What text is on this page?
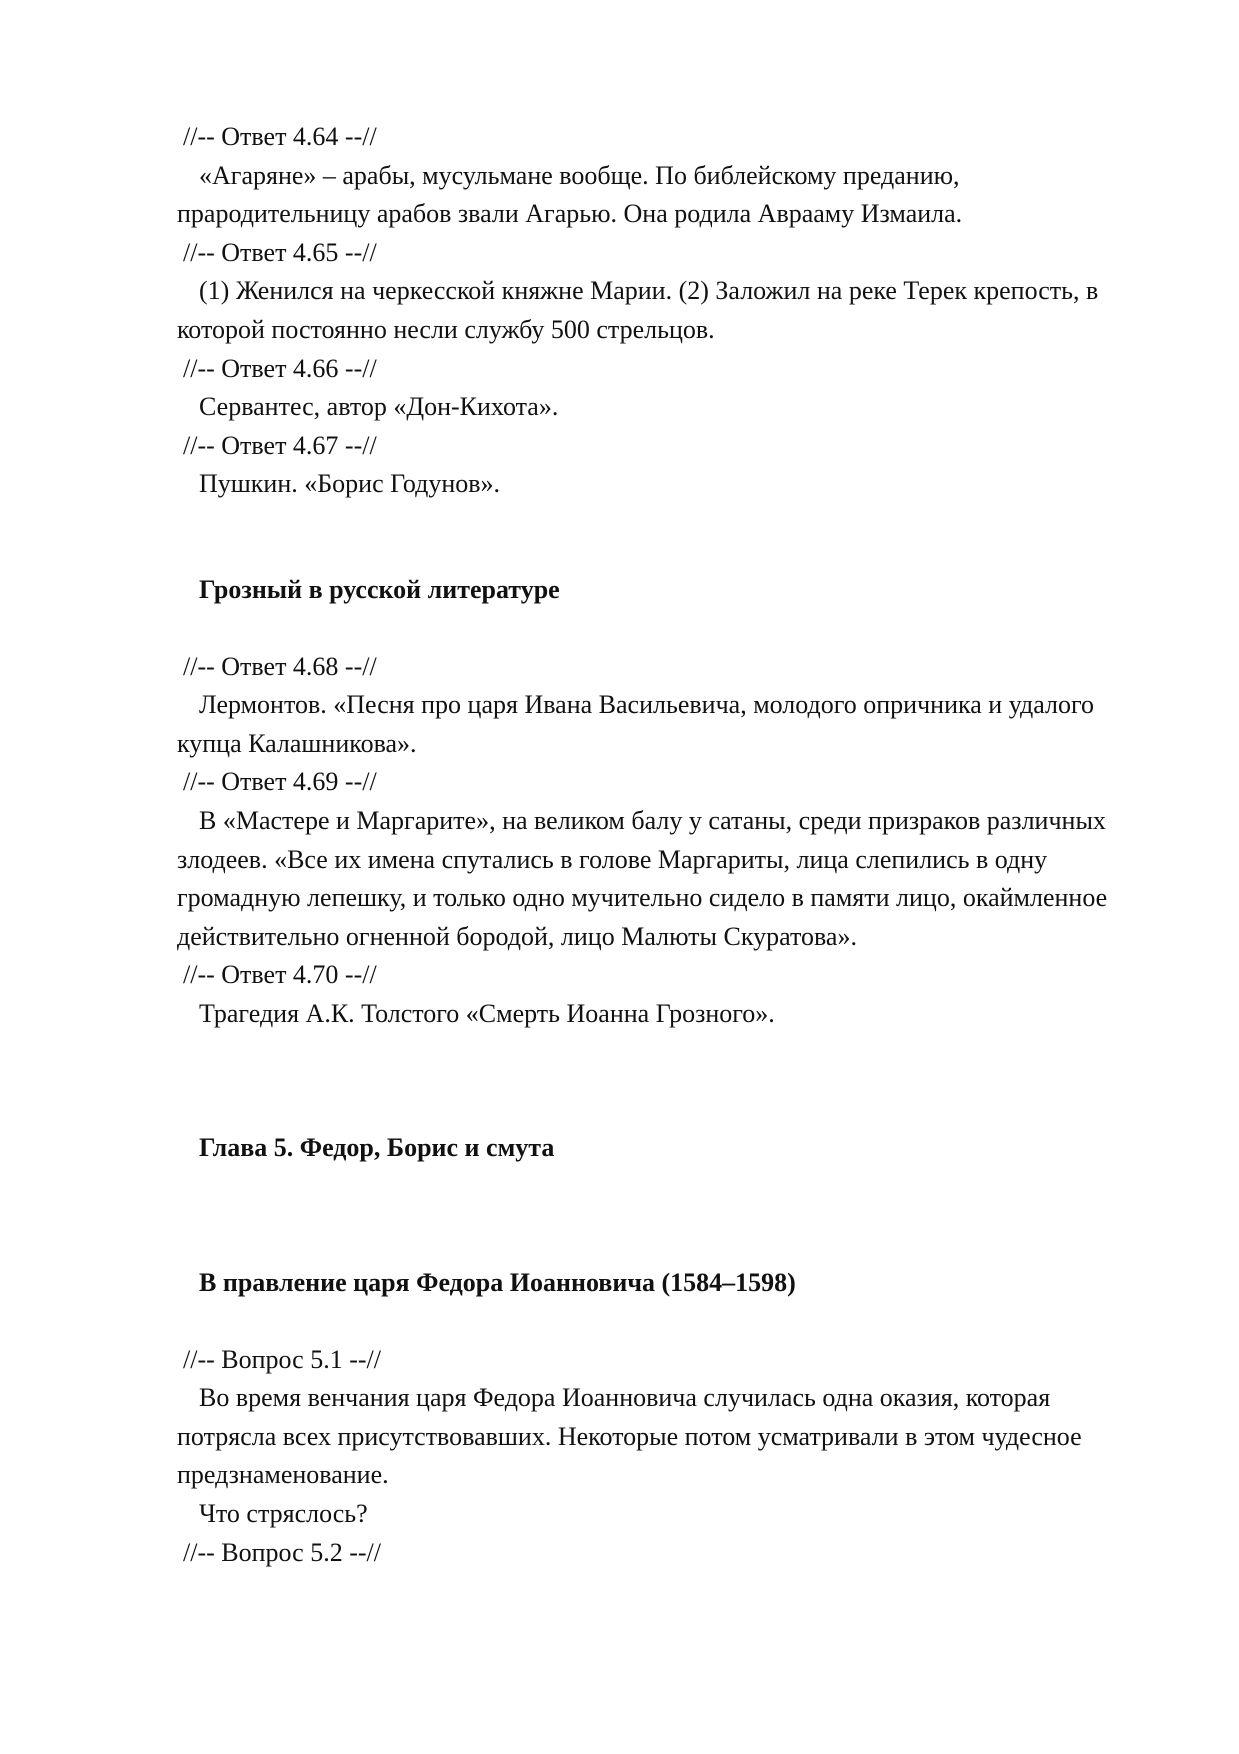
//-- Ответ 4.64 --//

«Агаряне» – арабы, мусульмане вообще. По библейскому преданию, прародительницу арабов звали Агарью. Она родила Аврааму Измаила.

//-- Ответ 4.65 --//

(1) Женился на черкесской княжне Марии. (2) Заложил на реке Терек крепость, в которой постоянно несли службу 500 стрельцов.

//-- Ответ 4.66 --//

Сервантес, автор «Дон-Кихота».

//-- Ответ 4.67 --//

Пушкин. «Борис Годунов».

Грозный в русской литературе
//-- Ответ 4.68 --//

Лермонтов. «Песня про царя Ивана Васильевича, молодого опричника и удалого купца Калашникова».

//-- Ответ 4.69 --//

В «Мастере и Маргарите», на великом балу у сатаны, среди призраков различных злодеев. «Все их имена спутались в голове Маргариты, лица слепились в одну громадную лепешку, и только одно мучительно сидело в памяти лицо, окаймленное действительно огненной бородой, лицо Малюты Скуратова».

//-- Ответ 4.70 --//

Трагедия А.К. Толстого «Смерть Иоанна Грозного».

Глава 5. Федор, Борис и смута
В правление царя Федора Иоанновича (1584–1598)
//-- Вопрос 5.1 --//

Во время венчания царя Федора Иоанновича случилась одна оказия, которая потрясла всех присутствовавших. Некоторые потом усматривали в этом чудесное предзнаменование.

Что стряслось?

//-- Вопрос 5.2 --//
